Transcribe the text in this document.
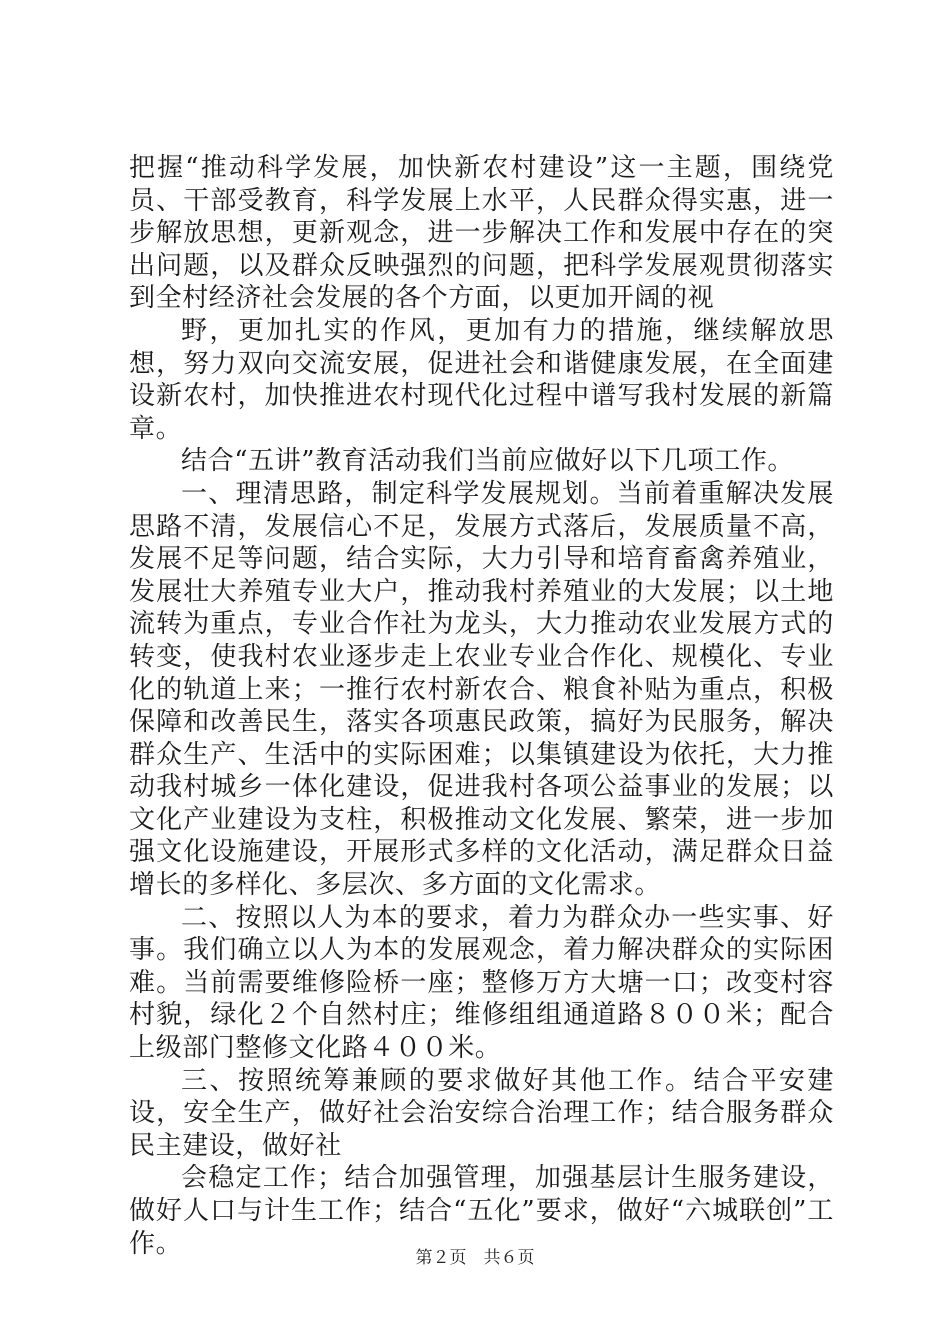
把握“推动科学发展，加快新农村建设”这一主题，围绕党员、干部受教育，科学发展上水平，人民群众得实惠，进一步解放思想，更新观念，进一步解决工作和发展中存在的突出问题，以及群众反映强烈的问题，把科学发展观贯彻落实到全村经济社会发展的各个方面，以更加开阔的视

野，更加扎实的作风，更加有力的措施，继续解放思想，努力双向交流安展，促进社会和谐健康发展，在全面建设新农村，加快推进农村现代化过程中谱写我村发展的新篇章。

结合“五讲”教育活动我们当前应做好以下几项工作。

一、理清思路，制定科学发展规划。当前着重解决发展思路不清，发展信心不足，发展方式落后，发展质量不高，发展不足等问题，结合实际，大力引导和培育畜禽养殖业，发展壮大养殖专业大户，推动我村养殖业的大发展；以土地流转为重点，专业合作社为龙头，大力推动农业发展方式的转变，使我村农业逐步走上农业专业合作化、规模化、专业化的轨道上来；一推行农村新农合、粮食补贴为重点，积极保障和改善民生，落实各项惠民政策，搞好为民服务，解决群众生产、生活中的实际困难；以集镇建设为依托，大力推动我村城乡一体化建设，促进我村各项公益事业的发展；以文化产业建设为支柱，积极推动文化发展、繁荣，进一步加强文化设施建设，开展形式多样的文化活动，满足群众日益增长的多样化、多层次、多方面的文化需求。

二、按照以人为本的要求，着力为群众办一些实事、好事。我们确立以人为本的发展观念，着力解决群众的实际困难。当前需要维修险桥一座；整修万方大塘一口；改变村容村貌，绿化２个自然村庄；维修组组通道路８００米；配合上级部门整修文化路４００米。

三、按照统筹兼顾的要求做好其他工作。结合平安建设，安全生产，做好社会治安综合治理工作；结合服务群众民主建设，做好社

会稳定工作；结合加强管理，加强基层计生服务建设，做好人口与计生工作；结合“五化”要求，做好“六城联创”工作。	第２页　共６页
